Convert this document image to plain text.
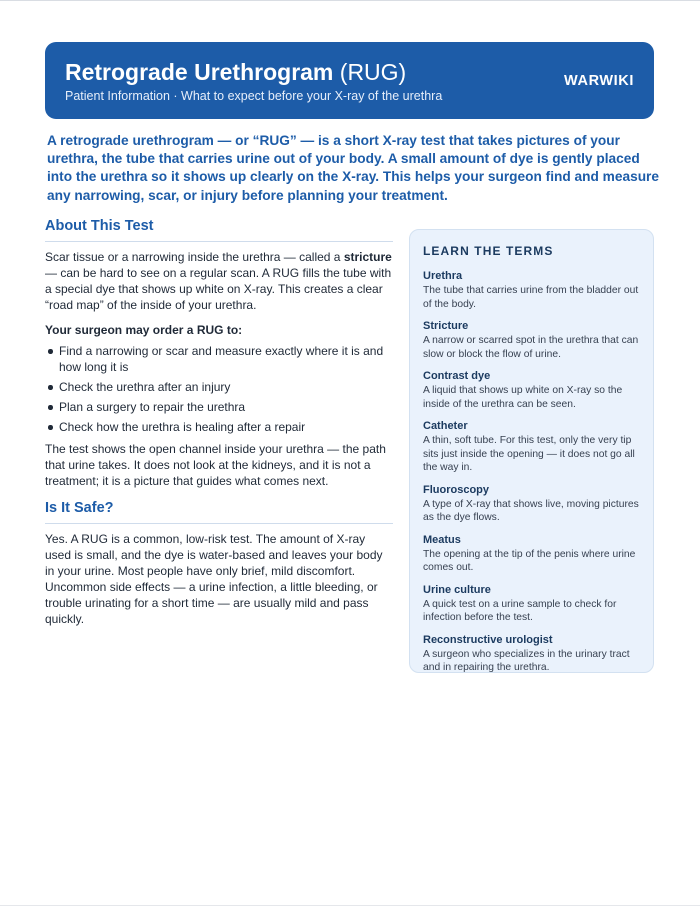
Retrograde Urethrogram (RUG)
Patient Information · What to expect before your X-ray of the urethra
WARWIKI

A retrograde urethrogram — or “RUG” — is a short X-ray test that takes pictures of your urethra, the tube that carries urine out of your body. A small amount of dye is gently placed into the urethra so it shows up clearly on the X-ray. This helps your surgeon find and measure any narrowing, scar, or injury before planning your treatment.

About This Test

Scar tissue or a narrowing inside the urethra — called a stricture — can be hard to see on a regular scan. A RUG fills the tube with a special dye that shows up white on X-ray. This creates a clear “road map” of the inside of your urethra.

Your surgeon may order a RUG to:

Find a narrowing or scar and measure exactly where it is and how long it is
Check the urethra after an injury
Plan a surgery to repair the urethra
Check how the urethra is healing after a repair

The test shows the open channel inside your urethra — the path that urine takes. It does not look at the kidneys, and it is not a treatment; it is a picture that guides what comes next.

Is It Safe?

Yes. A RUG is a common, low-risk test. The amount of X-ray used is small, and the dye is water-based and leaves your body in your urine. Most people have only brief, mild discomfort. Uncommon side effects — a urine infection, a little bleeding, or trouble urinating for a short time — are usually mild and pass quickly.

LEARN THE TERMS
Urethra
The tube that carries urine from the bladder out of the body.
Stricture
A narrow or scarred spot in the urethra that can slow or block the flow of urine.
Contrast dye
A liquid that shows up white on X-ray so the inside of the urethra can be seen.
Catheter
A thin, soft tube. For this test, only the very tip sits just inside the opening — it does not go all the way in.
Fluoroscopy
A type of X-ray that shows live, moving pictures as the dye flows.
Meatus
The opening at the tip of the penis where urine comes out.
Urine culture
A quick test on a urine sample to check for infection before the test.
Reconstructive urologist
A surgeon who specializes in the urinary tract and in repairing the urethra.
